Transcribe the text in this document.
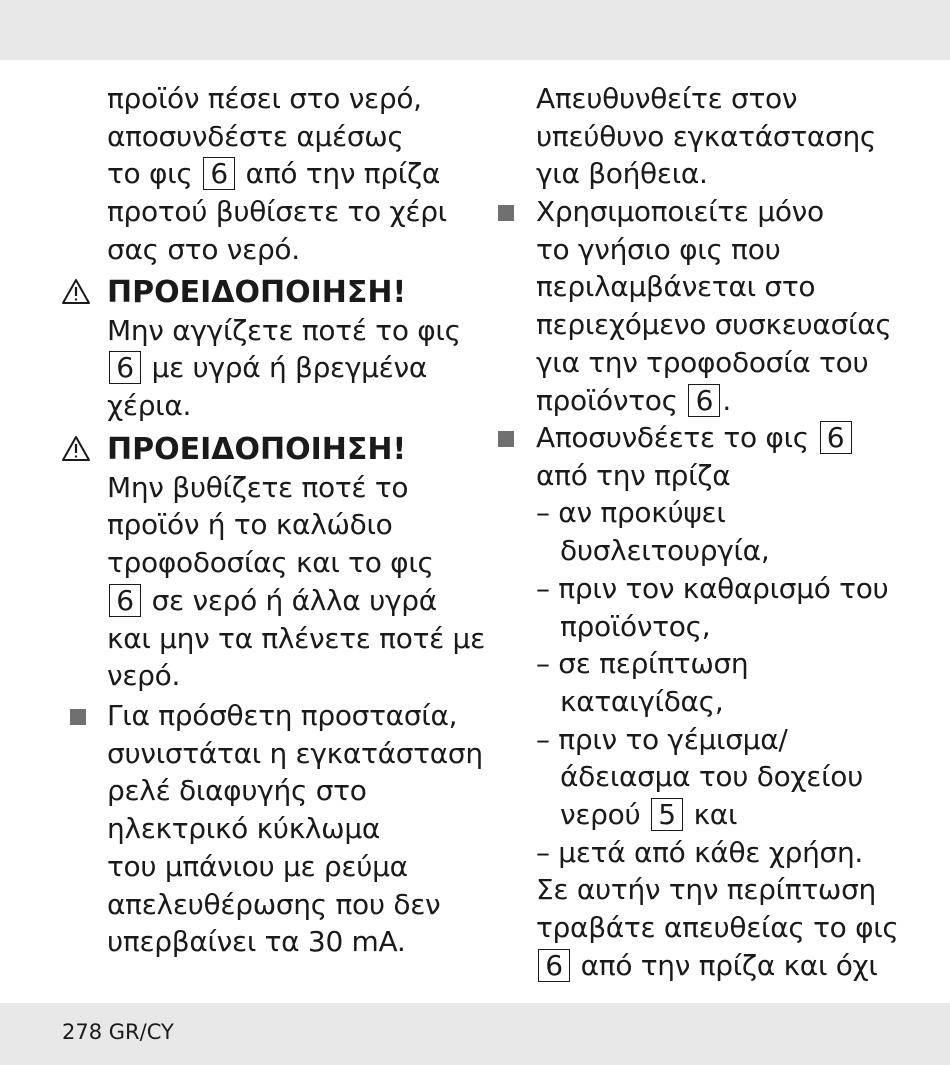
προϊόν πέσει στο νερό,
αποσυνδέστε αμέσως
το φις 6 από την πρίζα
προτού βυθίσετε το χέρι
σας στο νερό.
ΠΡΟΕΙΔΟΠΟΙΗΣΗ!
Μην αγγίζετε ποτέ το φις
6 με υγρά ή βρεγμένα
χέρια.
ΠΡΟΕΙΔΟΠΟΙΗΣΗ!
Μην βυθίζετε ποτέ το
προϊόν ή το καλώδιο
τροφοδοσίας και το φις
6 σε νερό ή άλλα υγρά
και μην τα πλένετε ποτέ με
νερό.
Για πρόσθετη προστασία,
συνιστάται η εγκατάσταση
ρελέ διαφυγής στο
ηλεκτρικό κύκλωμα
του μπάνιου με ρεύμα
απελευθέρωσης που δεν
υπερβαίνει τα 30 mA.
Απευθυνθείτε στον
υπεύθυνο εγκατάστασης
για βοήθεια.
Χρησιμοποιείτε μόνο
το γνήσιο φις που
περιλαμβάνεται στο
περιεχόμενο συσκευασίας
για την τροφοδοσία του
προϊόντος 6 .
Αποσυνδέετε το φις 6
από την πρίζα
– αν προκύψει
δυσλειτουργία,
– πριν τον καθαρισμό του
προϊόντος,
– σε περίπτωση
καταιγίδας,
– πριν το γέμισμα/
άδειασμα του δοχείου
νερού 5 και
– μετά από κάθε χρήση.
Σε αυτήν την περίπτωση
τραβάτε απευθείας το φις
6 από την πρίζα και όχι
278 GR/CY
